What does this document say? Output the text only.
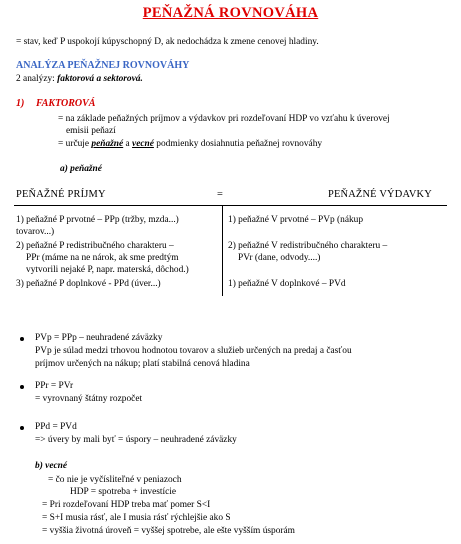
PEŇAŽNÁ ROVNOVÁHA
= stav, keď P uspokojí kúpyschopný D, ak nedochádza k zmene cenovej hladiny.
ANALÝZA PEŇAŽNEJ ROVNOVÁHY
2 analýzy: faktorová a sektorová.
1) FAKTOROVÁ
= na základe peňažných príjmov a výdavkov pri rozdeľovaní HDP vo vzťahu k úverovej
emisii peňazí
= určuje peňažné a vecné podmienky dosiahnutia peňažnej rovnováhy
a) peňažné
PEŇAŽNÉ PRÍJMY	=	PEŇAŽNÉ VÝDAVKY
1) peňažné P prvotné – PPp (tržby, mzda...)
tovarov...)
2) peňažné P redistribučného charakteru –
PPr (máme na ne nárok, ak sme predtým
vytvorili nejaké P, napr. materská, dôchod.)
3) peňažné P doplnkové - PPd (úver...)
1) peňažné V prvotné – PVp (nákup
2) peňažné V redistribučného charakteru –
PVr (dane, odvody....)
1) peňažné V doplnkové – PVd
PVp = PPp – neuhradené záväzky
PVp je súlad medzi trhovou hodnotou tovarov a služieb určených na predaj a časťou
príjmov určených na nákup; platí stabilná cenová hladina
PPr = PVr
= vyrovnaný štátny rozpočet
PPd = PVd
=> úvery by mali byť = úspory – neuhradené záväzky
b) vecné
= čo nie je vyčísliteľné v peniazoch
HDP = spotreba + investície
= Pri rozdeľovaní HDP treba mať pomer S<I
= S+I musia rásť, ale I musia rásť rýchlejšie ako S
= vyššia životná úroveň = vyššej spotrebe, ale ešte vyšším úsporám
